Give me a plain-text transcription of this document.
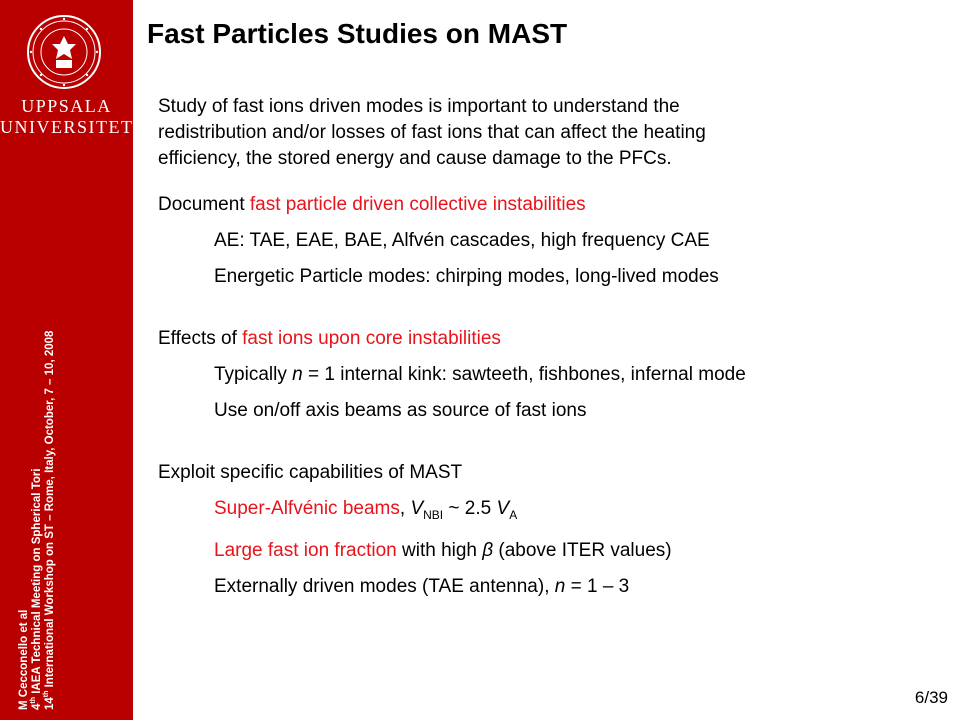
UPPSALA
UNIVERSITET
M Cecconello et al 4th IAEA Technical Meeting on Spherical Tori
14th International Workshop on ST – Rome, Italy, October, 7 – 10, 2008
Fast Particles Studies on MAST

Study of fast ions driven modes is important to understand the

redistribution and/or losses of fast ions that can affect the heating

efficiency, the stored energy and cause damage to the PFCs.

Document fast particle driven collective instabilities

AE: TAE, EAE, BAE, Alfvén cascades, high frequency CAE

Energetic Particle modes: chirping modes, long-lived modes

Effects of fast ions upon core instabilities

Typically n = 1 internal kink: sawteeth, fishbones, infernal mode

Use on/off axis beams as source of fast ions

Exploit specific capabilities of MAST

Super-Alfvénic beams, $V_{NBI}$ ~ 2.5 $V_A$

Large fast ion fraction with high β (above ITER values)

Externally driven modes (TAE antenna), n = 1 – 3

6/39
